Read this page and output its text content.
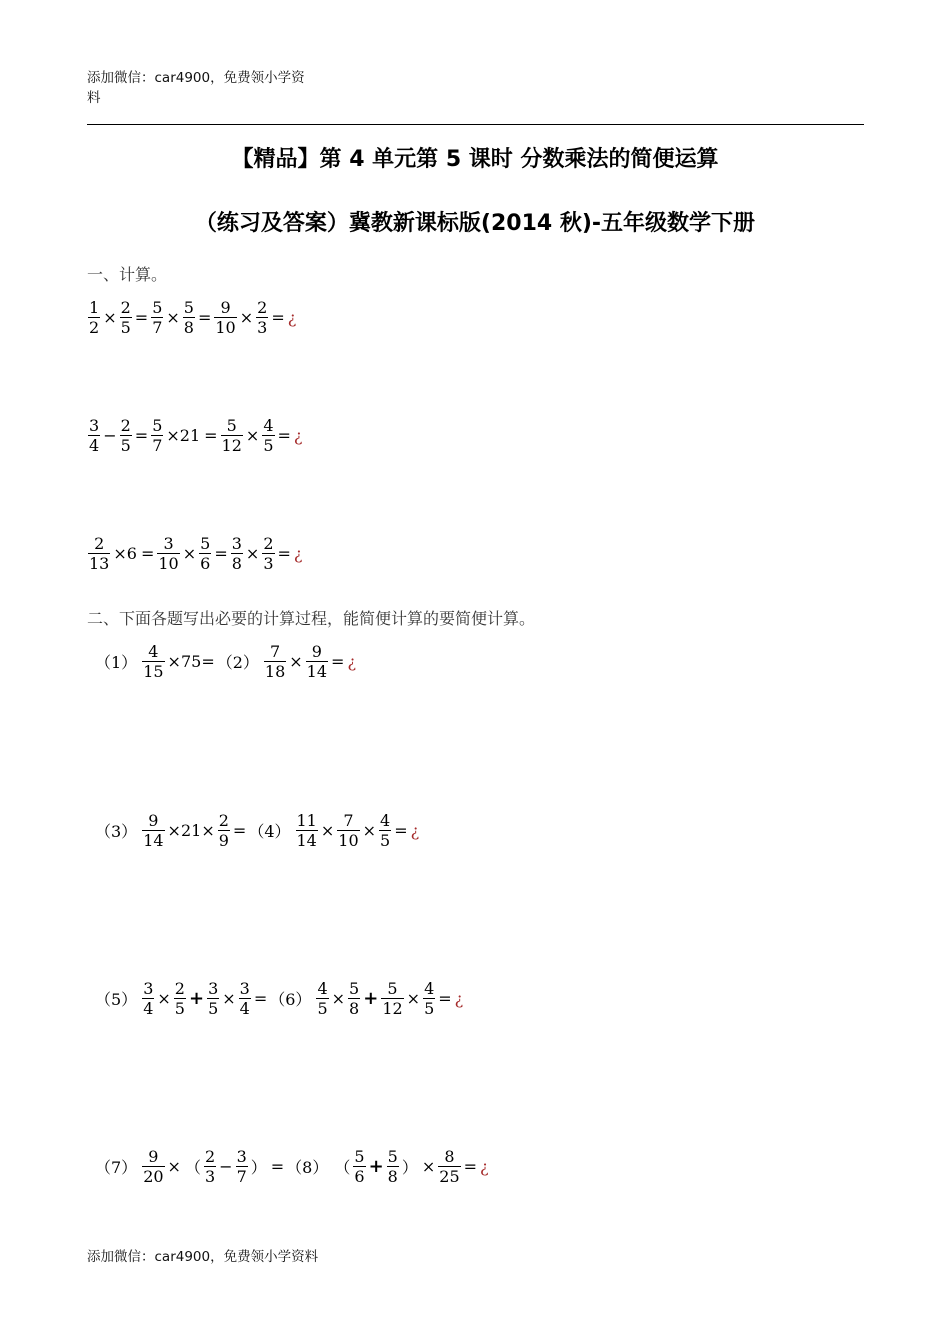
添加微信：car4900，免费领小学资
料
【精品】第 4 单元第 5 课时 分数乘法的简便运算
（练习及答案）冀教新课标版(2014 秋)-五年级数学下册
一、计算。
$\frac{1}{2} \times \frac{2}{5} = \frac{5}{7} \times \frac{5}{8} = \frac{9}{10} \times \frac{2}{3}$ = ¿
$\frac{3}{4} - \frac{2}{5} = \frac{5}{7} \times 21 = \frac{5}{12} \times \frac{4}{5}$ = ¿
$\frac{2}{13} \times 6 = \frac{3}{10} \times \frac{5}{6} = \frac{3}{8} \times \frac{2}{3}$ = ¿
二、下面各题写出必要的计算过程，能简便计算的要简便计算。
$(1) \frac{4}{15} \times 75= (2) \frac{7}{18} \times \frac{9}{14}$ = ¿
$(3) \frac{9}{14} \times 21\times \frac{2}{9} = (4) \frac{11}{14} \times \frac{7}{10} \times \frac{4}{5}$ = ¿
$(5) \frac{3}{4} \times \frac{2}{5} + \frac{3}{5} \times \frac{3}{4} = (6) \frac{4}{5} \times \frac{5}{8} + \frac{5}{12} \times \frac{4}{5}$ = ¿
$(7) \frac{9}{20}$ × （ $\frac{2}{3} - \frac{3}{7}$ ） = （8） （ $\frac{5}{6} + \frac{5}{8}$ ） × $\frac{8}{25}$ = ¿
添加微信：car4900，免费领小学资料
